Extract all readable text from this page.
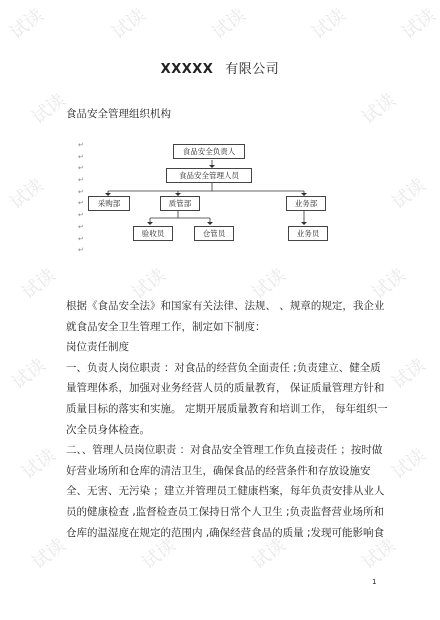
试读	试读	试读	试读	试读
试读	试读
试读	试读
试读	试读	试读	试读
试读	试读
试读	试读
试读	试读	试读	试读
XXXXX 有限公司
食品安全管理组织机构
↵
↵
↵
↵
↵
↵
↵
↵
↵
↵
食品安全负责人
食品安全管理人员
采购部	质管部	业务部
验收员	仓管员	业务员
根据《食品安全法》和国家有关法律、法规、 、规章的规定，我企业
就食品安全卫生管理工作，制定如下制度：
岗位责任制度
一、负责人岗位职责 ：对食品的经营负全面责任 ;负责建立、健全质
量管理体系，加强对业务经营人员的质量教育， 保证质量管理方针和
质量目标的落实和实施。 定期开展质量教育和培训工作， 每年组织一
次全员身体检查。
二、、管理人员岗位职责 ：对食品安全管理工作负直接责任 ；按时做
好营业场所和仓库的清洁卫生，确保食品的经营条件和存放设施安
全、无害、无污染 ；建立并管理员工健康档案，每年负责安排从业人
员的健康检查 ,监督检查员工保持日常个人卫生 ;负责监督营业场所和
仓库的温湿度在规定的范围内 ,确保经营食品的质量 ;发现可能影响食
1
